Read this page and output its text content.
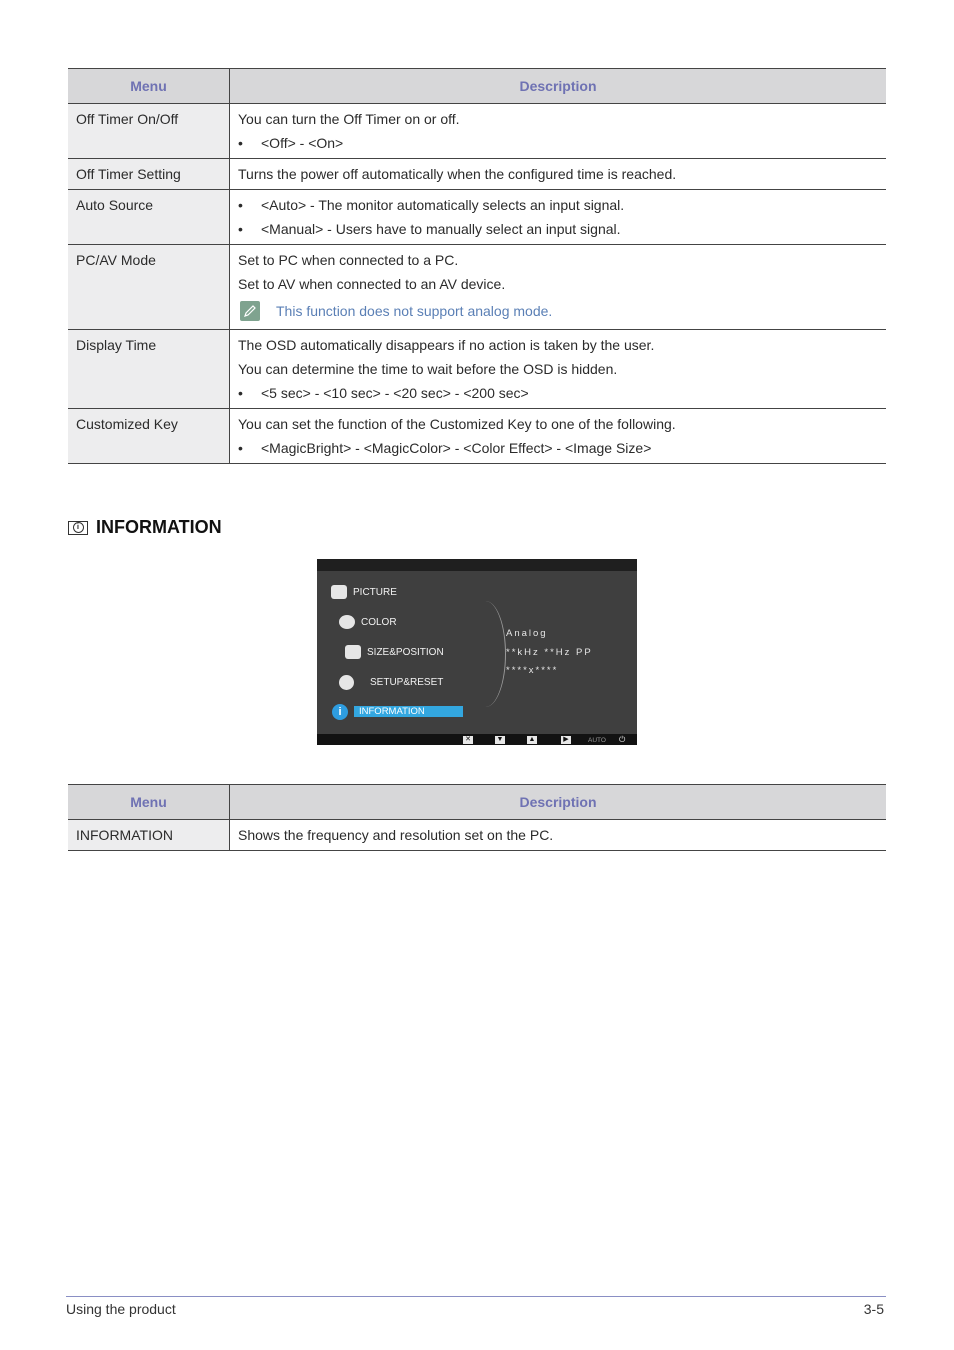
Menu	Description
Off Timer On/Off	You can turn the Off Timer on or off.

• <Off> - <On>

Off Timer Setting	Turns the power off automatically when the configured time is reached.
Auto Source	• <Auto> - The monitor automatically selects an input signal.
• <Manual> - Users have to manually select an input signal.

PC/AV Mode	Set to PC when connected to a PC.

Set to AV when connected to an AV device.

This function does not support analog mode.

Display Time	The OSD automatically disappears if no action is taken by the user.

You can determine the time to wait before the OSD is hidden.

• <5 sec> - <10 sec> - <20 sec> - <200 sec>

Customized Key	You can set the function of the Customized Key to one of the following.

• <MagicBright> - <MagicColor> - <Color Effect> - <Image Size>
i INFORMATION
PICTURE
COLOR
SIZE&POSITION
SETUP&RESET
i	INFORMATION
Analog
**kHz **Hz PP
****x****
✕	▼	▲	▶	AUTO ⏻
Menu	Description
INFORMATION	Shows the frequency and resolution set on the PC.
Using the product	3-5
